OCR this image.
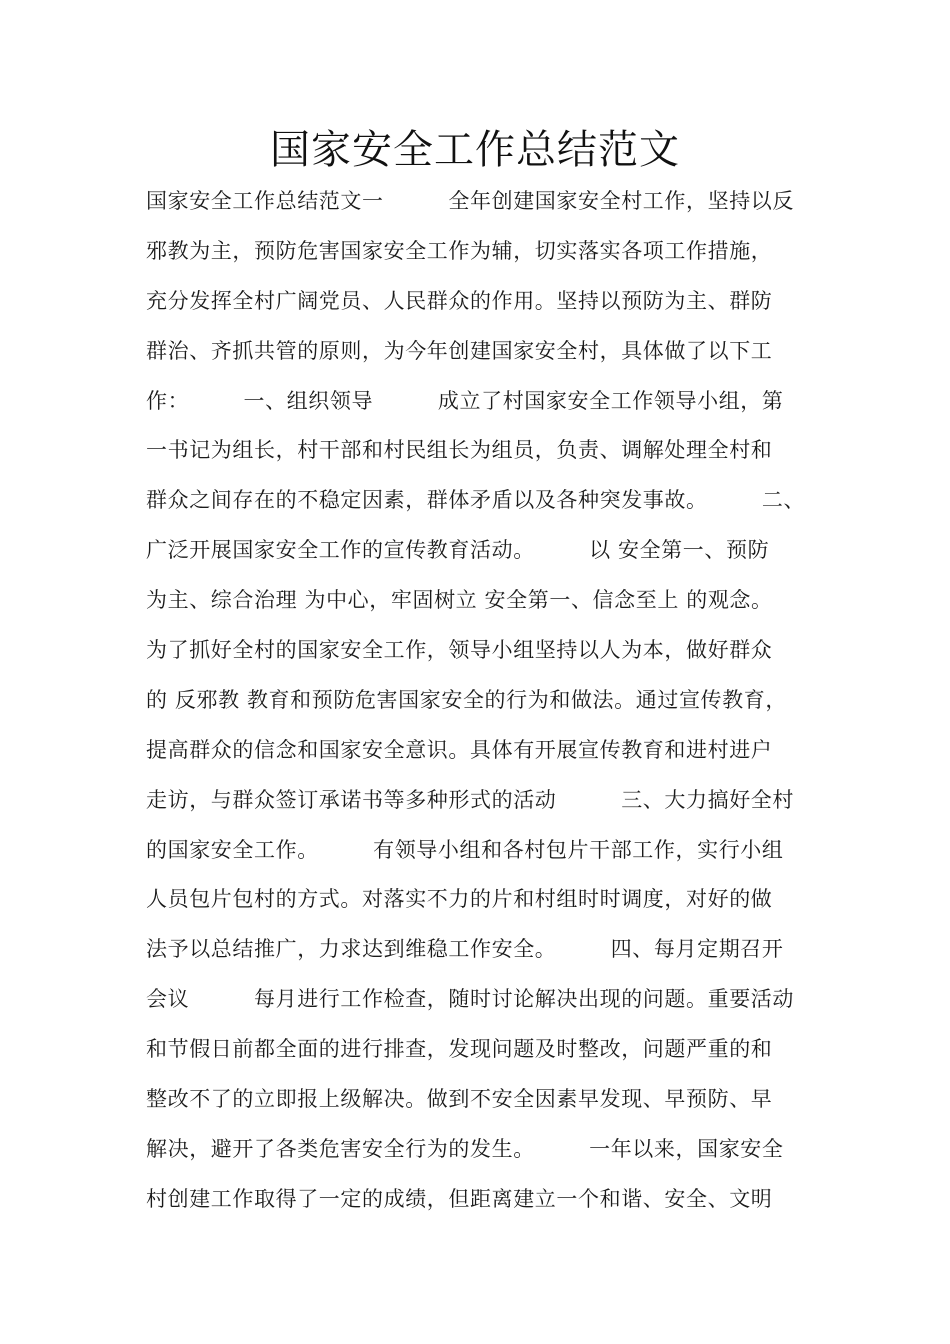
国家安全工作总结范文
国家安全工作总结范文一　　　全年创建国家安全村工作，坚持以反
邪教为主，预防危害国家安全工作为辅，切实落实各项工作措施，
充分发挥全村广阔党员、人民群众的作用。坚持以预防为主、群防
群治、齐抓共管的原则，为今年创建国家安全村，具体做了以下工
作：　　　一、组织领导　　　成立了村国家安全工作领导小组，第
一书记为组长，村干部和村民组长为组员，负责、调解处理全村和
群众之间存在的不稳定因素，群体矛盾以及各种突发事故。　　　二、
广泛开展国家安全工作的宣传教育活动。　　　以 安全第一、预防
为主、综合治理 为中心，牢固树立 安全第一、信念至上 的观念。
为了抓好全村的国家安全工作，领导小组坚持以人为本，做好群众
的 反邪教 教育和预防危害国家安全的行为和做法。通过宣传教育，
提高群众的信念和国家安全意识。具体有开展宣传教育和进村进户
走访，与群众签订承诺书等多种形式的活动　　　三、大力搞好全村
的国家安全工作。　　　有领导小组和各村包片干部工作，实行小组
人员包片包村的方式。对落实不力的片和村组时时调度，对好的做
法予以总结推广，力求达到维稳工作安全。　　　四、每月定期召开
会议　　　每月进行工作检查，随时讨论解决出现的问题。重要活动
和节假日前都全面的进行排查，发现问题及时整改，问题严重的和
整改不了的立即报上级解决。做到不安全因素早发现、早预防、早
解决，避开了各类危害安全行为的发生。　　　一年以来，国家安全
村创建工作取得了一定的成绩，但距离建立一个和谐、安全、文明
